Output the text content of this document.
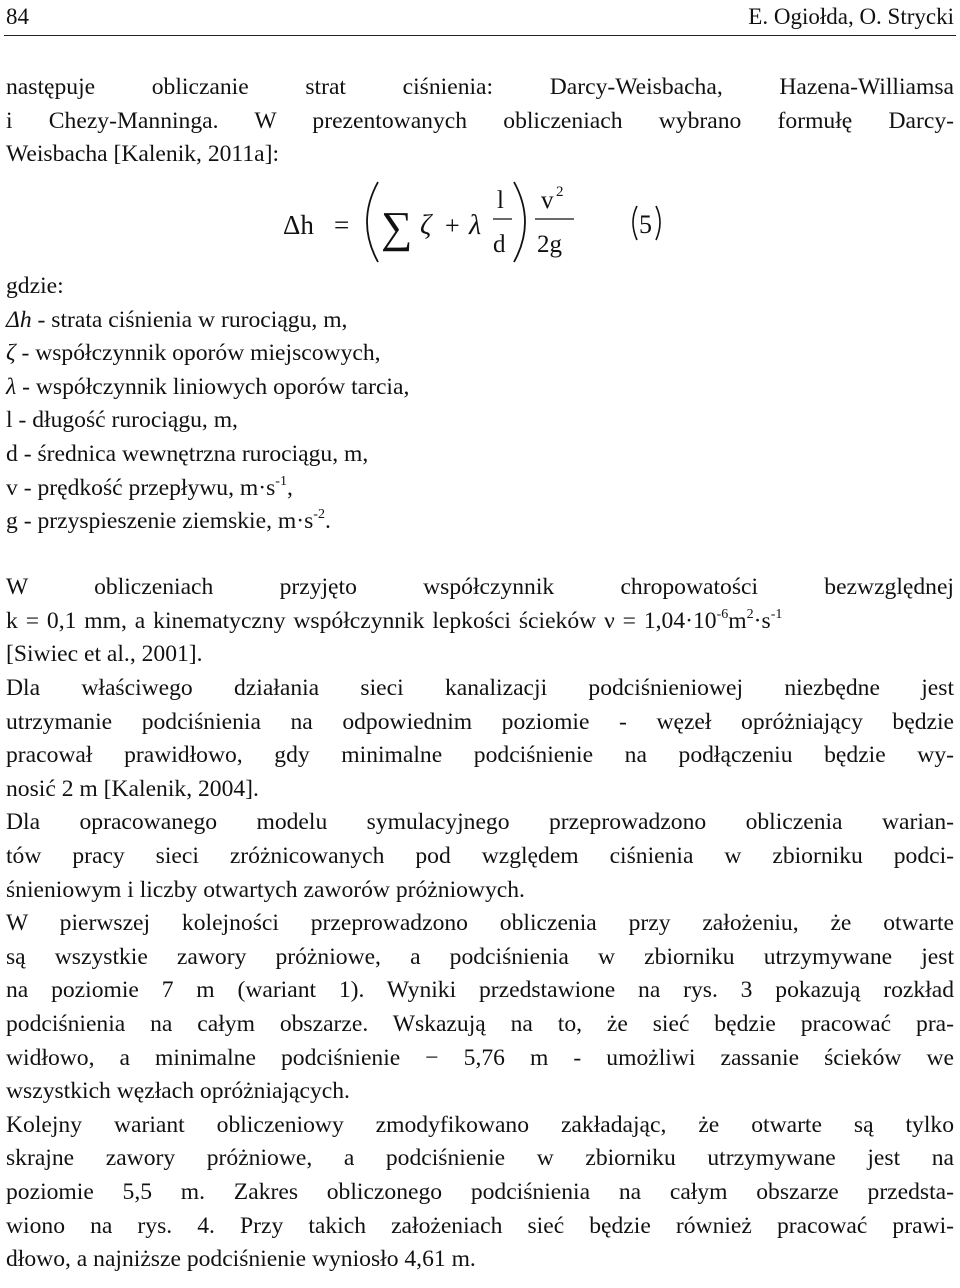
84	E. Ogiołda, O. Strycki
następuje obliczanie strat ciśnienia: Darcy-Weisbacha, Hazena-Williamsa
i Chezy-Manninga. W prezentowanych obliczeniach wybrano formułę Darcy-
Weisbacha [Kalenik, 2011a]:
Δh = ∑ ζ + λ
l
d
v 2
2g
5
gdzie:
Δh - strata ciśnienia w rurociągu, m,
ζ - współczynnik oporów miejscowych,
λ - współczynnik liniowych oporów tarcia,
l - długość rurociągu, m,
d - średnica wewnętrzna rurociągu, m,
v - prędkość przepływu, $m\cdot s^{-1}$,
g - przyspieszenie ziemskie, $m\cdot s^{-2}$.
W obliczeniach przyjęto współczynnik chropowatości bezwzględnej
k = 0,1 mm, a kinematyczny współczynnik lepkości ścieków $\nu = 1,04\cdot 10^{-6}m^2\cdot s^{-1}$
[Siwiec et al., 2001].
Dla właściwego działania sieci kanalizacji podciśnieniowej niezbędne jest
utrzymanie podciśnienia na odpowiednim poziomie - węzeł opróżniający będzie
pracował prawidłowo, gdy minimalne podciśnienie na podłączeniu będzie wy-
nosić 2 m [Kalenik, 2004].
Dla opracowanego modelu symulacyjnego przeprowadzono obliczenia warian-
tów pracy sieci zróżnicowanych pod względem ciśnienia w zbiorniku podci-
śnieniowym i liczby otwartych zaworów próżniowych.
W pierwszej kolejności przeprowadzono obliczenia przy założeniu, że otwarte
są wszystkie zawory próżniowe, a podciśnienia w zbiorniku utrzymywane jest
na poziomie 7 m (wariant 1). Wyniki przedstawione na rys. 3 pokazują rozkład
podciśnienia na całym obszarze. Wskazują na to, że sieć będzie pracować pra-
widłowo, a minimalne podciśnienie − 5,76 m - umożliwi zassanie ścieków we
wszystkich węzłach opróżniających.
Kolejny wariant obliczeniowy zmodyfikowano zakładając, że otwarte są tylko
skrajne zawory próżniowe, a podciśnienie w zbiorniku utrzymywane jest na
poziomie 5,5 m. Zakres obliczonego podciśnienia na całym obszarze przedsta-
wiono na rys. 4. Przy takich założeniach sieć będzie również pracować prawi-
dłowo, a najniższe podciśnienie wyniosło 4,61 m.
